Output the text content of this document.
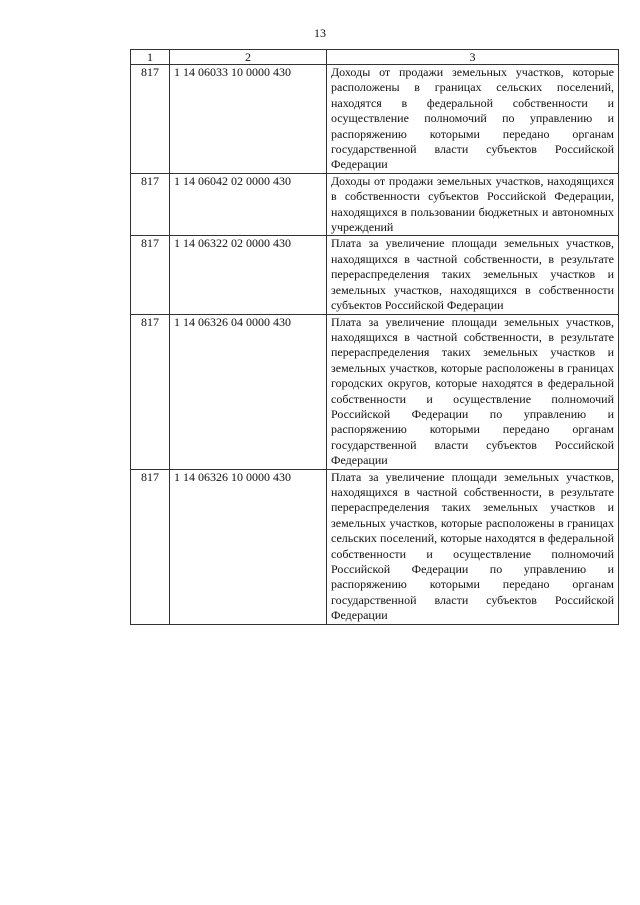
13
1	2	3
817	1 14 06033 10 0000 430	Доходы от продажи земельных участков, которые расположены в границах сельских поселений, находятся в федеральной собственности и осуществление полномочий по управлению и распоряжению которыми передано органам государственной власти субъектов Российской Федерации
817	1 14 06042 02 0000 430	Доходы от продажи земельных участков, находящихся в собственности субъектов Российской Федерации, находящихся в пользовании бюджетных и автономных учреждений
817	1 14 06322 02 0000 430	Плата за увеличение площади земельных участков, находящихся в частной собственности, в результате перераспределения таких земельных участков и земельных участков, находящихся в собственности субъектов Российской Федерации
817	1 14 06326 04 0000 430	Плата за увеличение площади земельных участков, находящихся в частной собственности, в результате перераспределения таких земельных участков и земельных участков, которые расположены в границах городских округов, которые находятся в федеральной собственности и осуществление полномочий Российской Федерации по управлению и распоряжению которыми передано органам государственной власти субъектов Российской Федерации
817	1 14 06326 10 0000 430	Плата за увеличение площади земельных участков, находящихся в частной собственности, в результате перераспределения таких земельных участков и земельных участков, которые расположены в границах сельских поселений, которые находятся в федеральной собственности и осуществление полномочий Российской Федерации по управлению и распоряжению которыми передано органам государственной власти субъектов Российской Федерации
